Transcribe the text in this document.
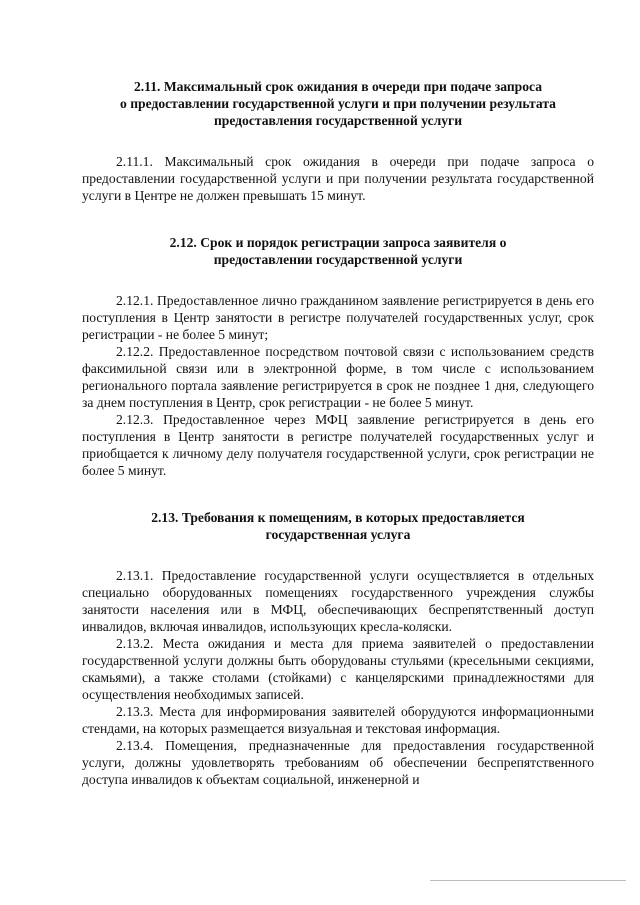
2.11. Максимальный срок ожидания в очереди при подаче запроса
о предоставлении государственной услуги и при получении результата
предоставления государственной услуги

2.11.1. Максимальный срок ожидания в очереди при подаче запроса о предоставлении государственной услуги и при получении результата государственной услуги в Центре не должен превышать 15 минут.

2.12. Срок и порядок регистрации запроса заявителя о
предоставлении государственной услуги

2.12.1. Предоставленное лично гражданином заявление регистрируется в день его поступления в Центр занятости в регистре получателей государственных услуг, срок регистрации - не более 5 минут;

2.12.2. Предоставленное посредством почтовой связи с использованием средств факсимильной связи или в электронной форме, в том числе с использованием регионального портала заявление регистрируется в срок не позднее 1 дня, следующего за днем поступления в Центр, срок регистрации - не более 5 минут.

2.12.3. Предоставленное через МФЦ заявление регистрируется в день его поступления в Центр занятости в регистре получателей государственных услуг и приобщается к личному делу получателя государственной услуги, срок регистрации не более 5 минут.

2.13. Требования к помещениям, в которых предоставляется
государственная услуга

2.13.1. Предоставление государственной услуги осуществляется в отдельных специально оборудованных помещениях государственного учреждения службы занятости населения или в МФЦ, обеспечивающих беспрепятственный доступ инвалидов, включая инвалидов, использующих кресла-коляски.

2.13.2. Места ожидания и места для приема заявителей о предоставлении государственной услуги должны быть оборудованы стульями (кресельными секциями, скамьями), а также столами (стойками) с канцелярскими принадлежностями для осуществления необходимых записей.

2.13.3. Места для информирования заявителей оборудуются информационными стендами, на которых размещается визуальная и текстовая информация.

2.13.4. Помещения, предназначенные для предоставления государственной услуги, должны удовлетворять требованиям об обеспечении беспрепятственного доступа инвалидов к объектам социальной, инженерной и
